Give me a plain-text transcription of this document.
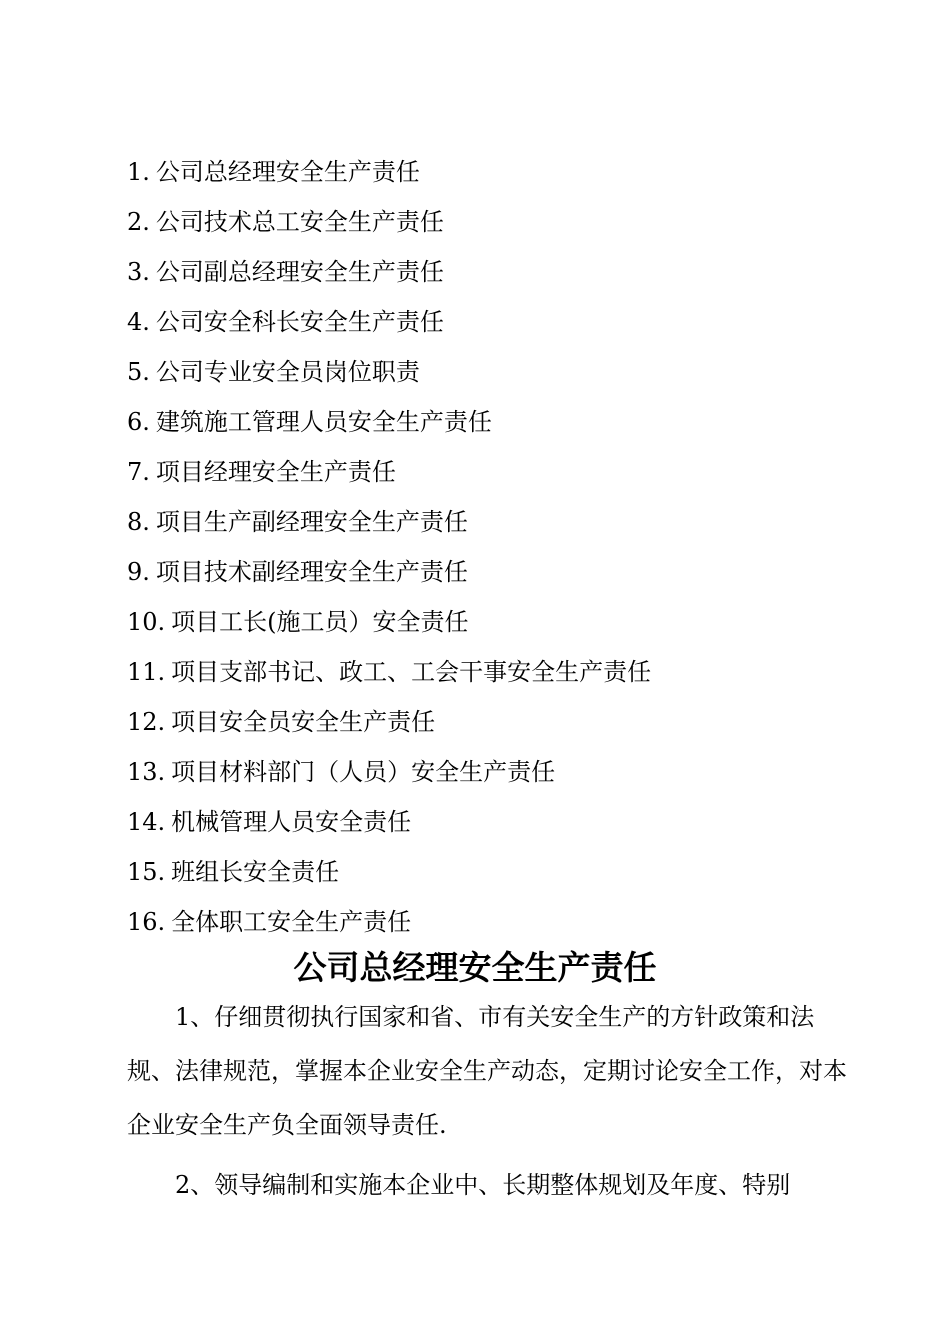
1. 公司总经理安全生产责任
2. 公司技术总工安全生产责任
3. 公司副总经理安全生产责任
4. 公司安全科长安全生产责任
5. 公司专业安全员岗位职责
6. 建筑施工管理人员安全生产责任
7. 项目经理安全生产责任
8. 项目生产副经理安全生产责任
9. 项目技术副经理安全生产责任
10. 项目工长(施工员）安全责任
11. 项目支部书记、政工、工会干事安全生产责任
12. 项目安全员安全生产责任
13. 项目材料部门（人员）安全生产责任
14. 机械管理人员安全责任
15. 班组长安全责任
16. 全体职工安全生产责任
公司总经理安全生产责任

1、仔细贯彻执行国家和省、市有关安全生产的方针政策和法规、法律规范，掌握本企业安全生产动态，定期讨论安全工作，对本企业安全生产负全面领导责任.

2、领导编制和实施本企业中、长期整体规划及年度、特别
